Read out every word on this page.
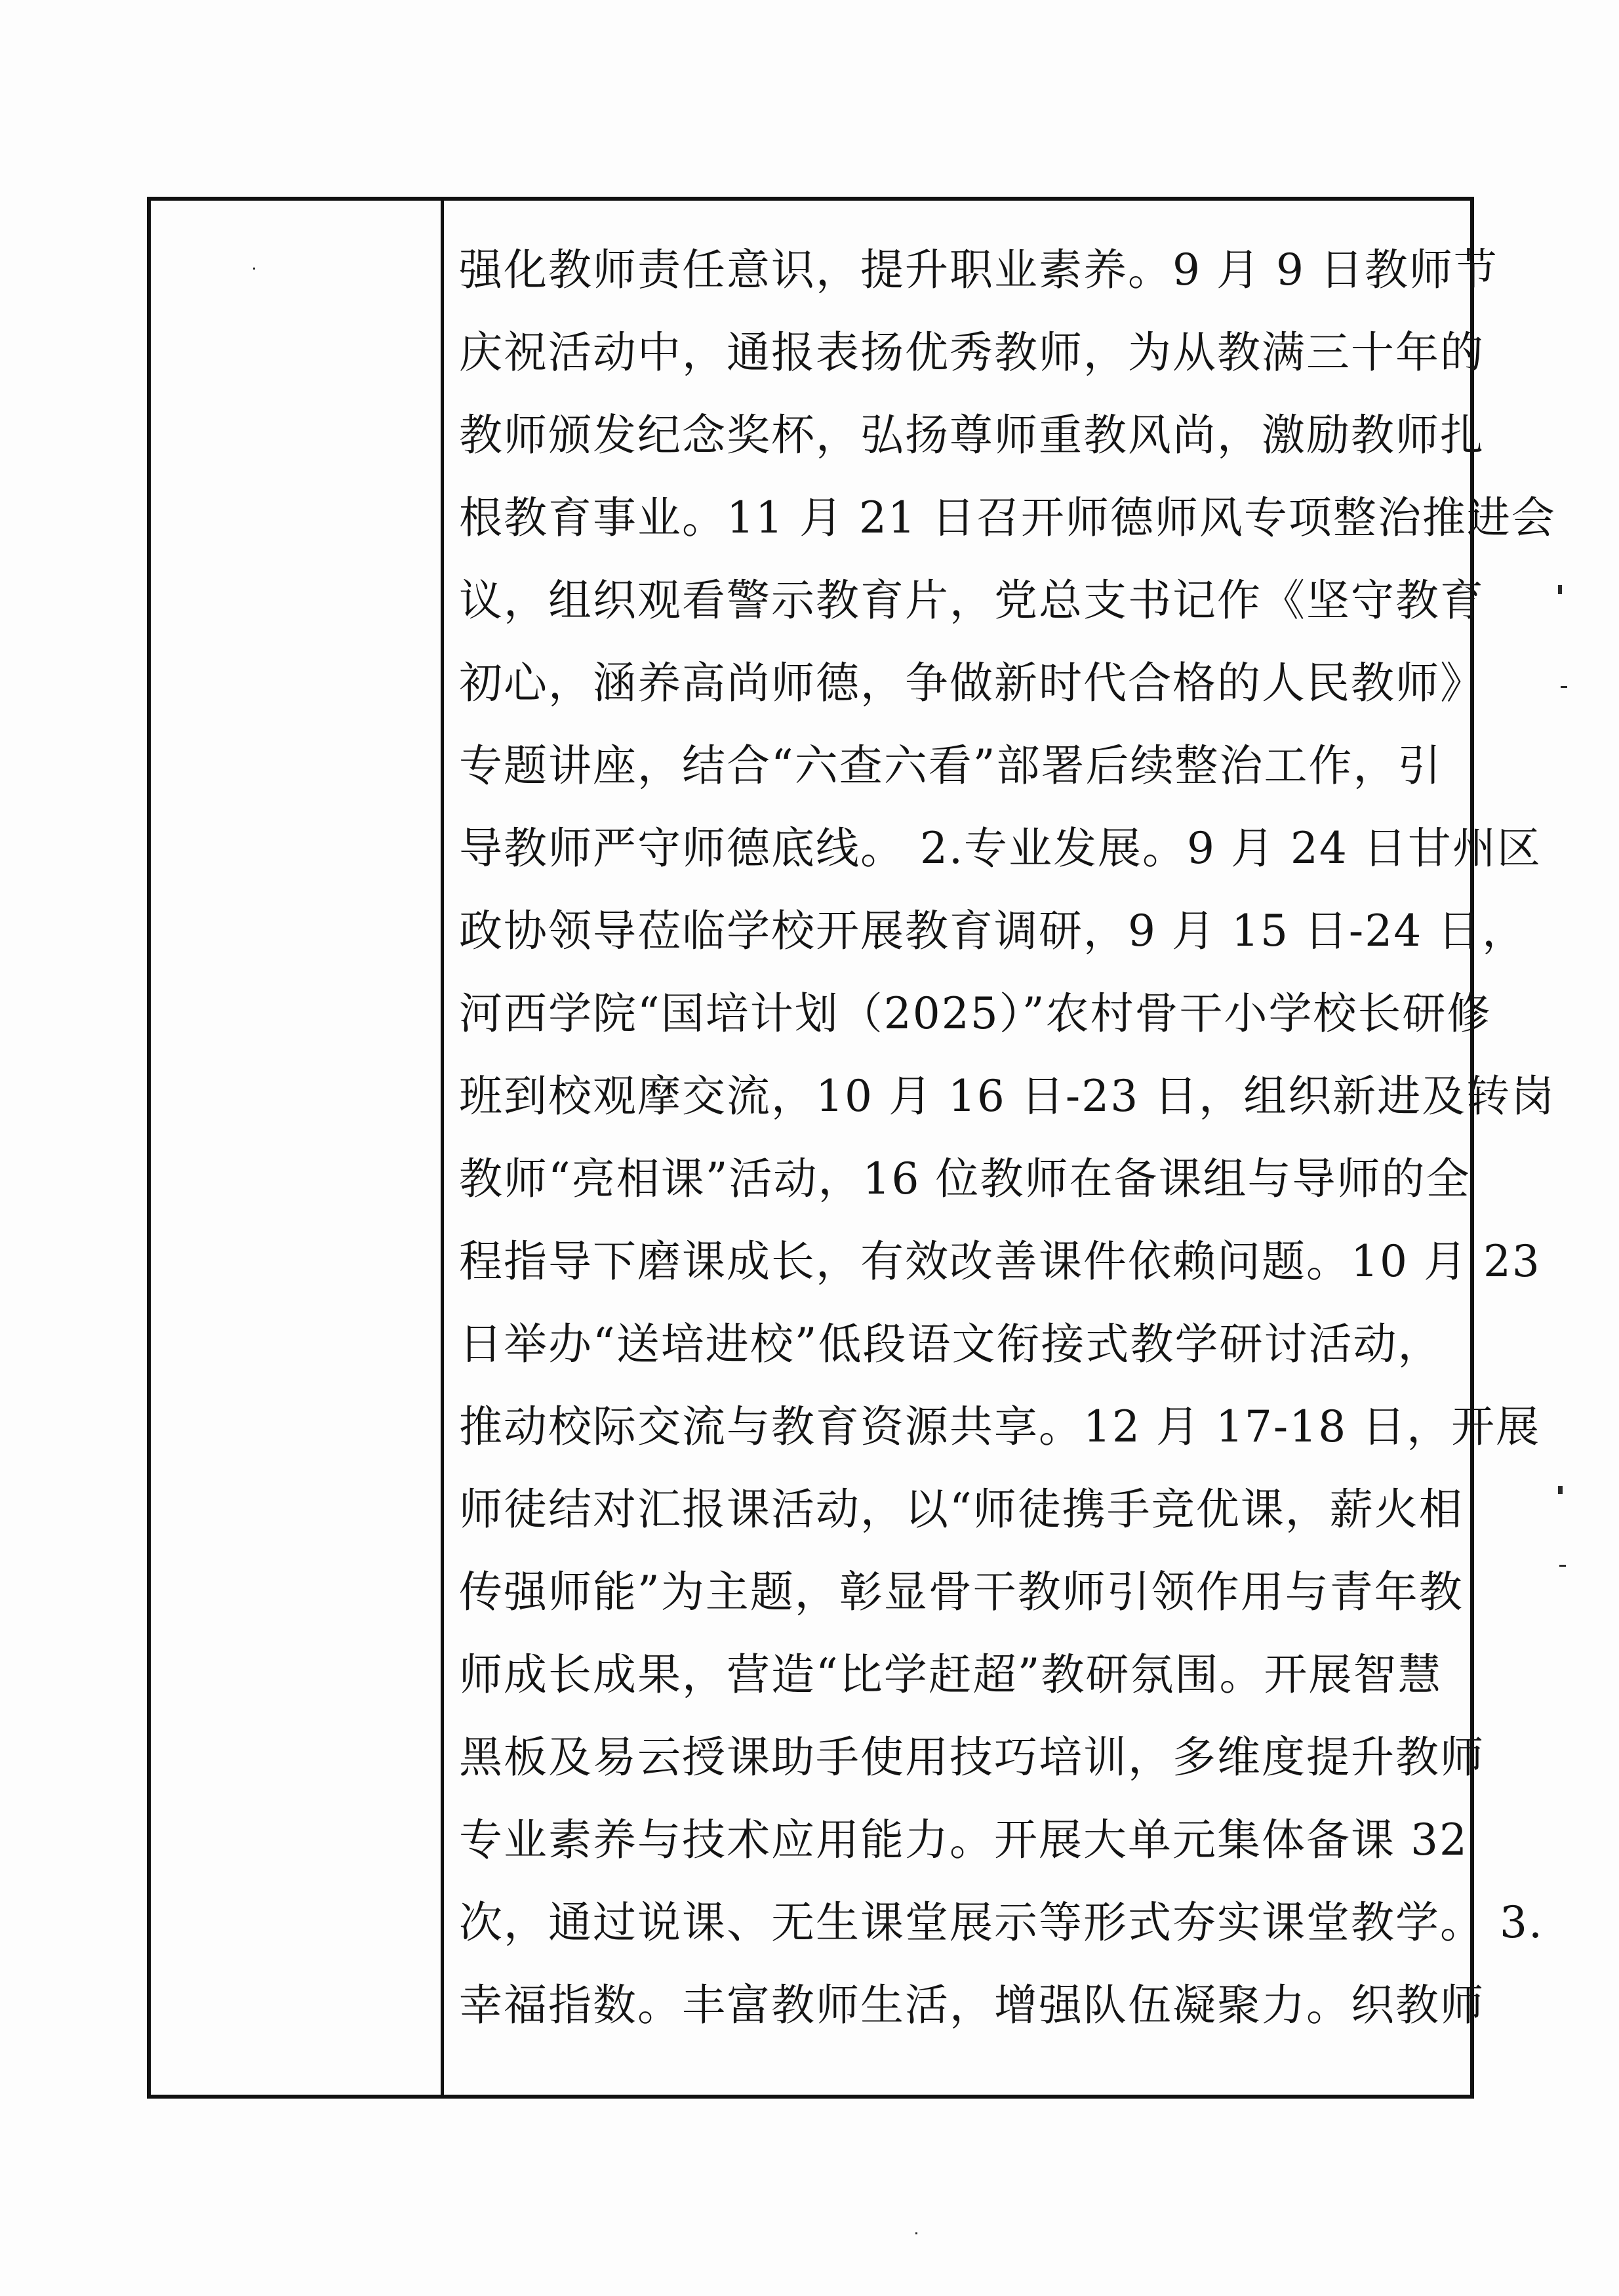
强化教师责任意识，提升职业素养。9 月 9 日教师节
庆祝活动中，通报表扬优秀教师，为从教满三十年的
教师颁发纪念奖杯，弘扬尊师重教风尚，激励教师扎
根教育事业。11 月 21 日召开师德师风专项整治推进会
议，组织观看警示教育片，党总支书记作《坚守教育
初心，涵养高尚师德，争做新时代合格的人民教师》
专题讲座，结合“六查六看”部署后续整治工作，引
导教师严守师德底线。 2.专业发展。9 月 24 日甘州区
政协领导莅临学校开展教育调研，9 月 15 日-24 日，
河西学院“国培计划（2025）”农村骨干小学校长研修
班到校观摩交流，10 月 16 日-23 日，组织新进及转岗
教师“亮相课”活动，16 位教师在备课组与导师的全
程指导下磨课成长，有效改善课件依赖问题。10 月 23
日举办“送培进校”低段语文衔接式教学研讨活动，
推动校际交流与教育资源共享。12 月 17-18 日，开展
师徒结对汇报课活动，以“师徒携手竞优课，薪火相
传强师能”为主题，彰显骨干教师引领作用与青年教
师成长成果，营造“比学赶超”教研氛围。开展智慧
黑板及易云授课助手使用技巧培训，多维度提升教师
专业素养与技术应用能力。开展大单元集体备课 32
次，通过说课、无生课堂展示等形式夯实课堂教学。 3.
幸福指数。丰富教师生活，增强队伍凝聚力。织教师
